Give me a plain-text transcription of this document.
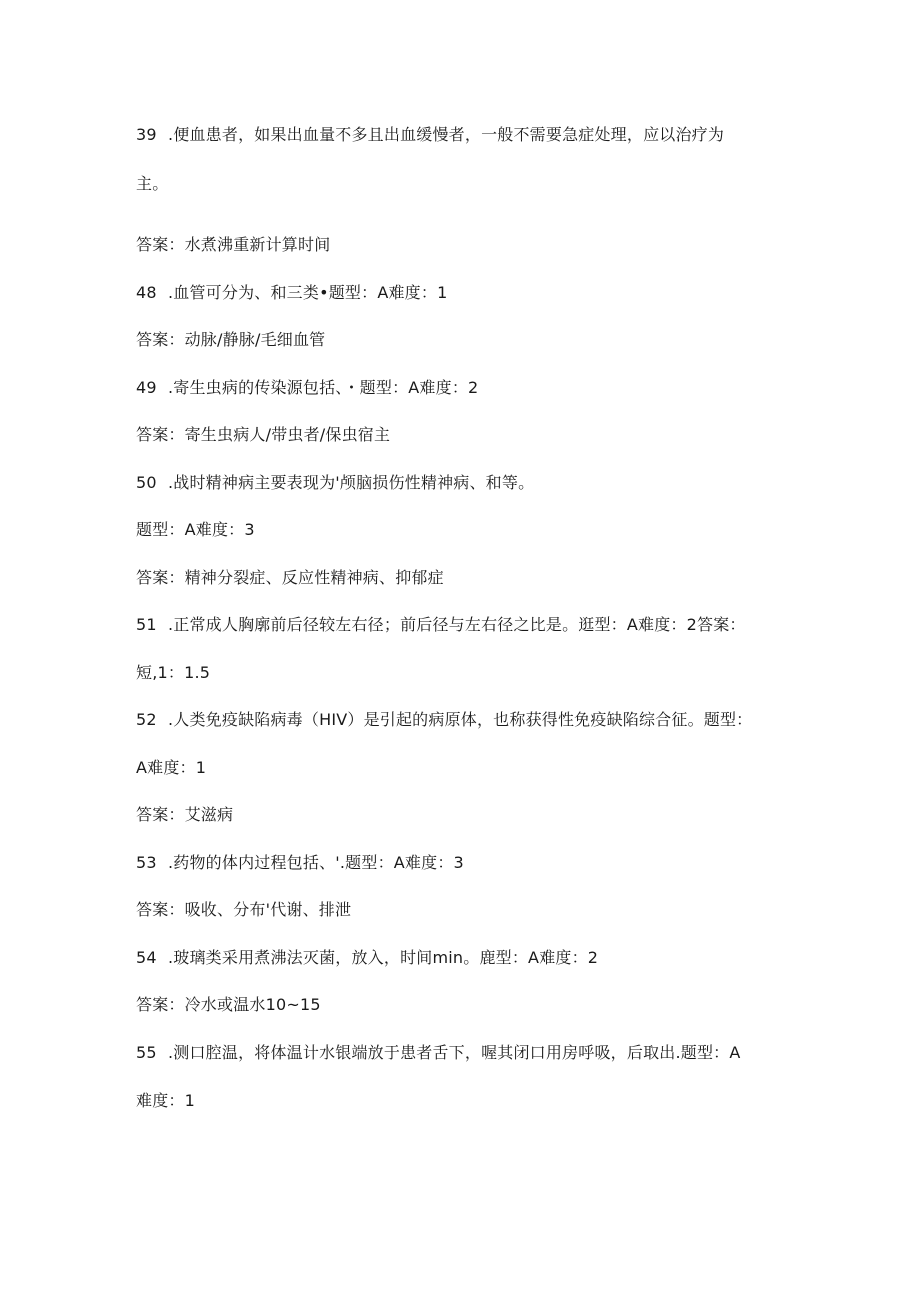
39 .便血患者，如果出血量不多且出血缓慢者，一般不需要急症处理，应以治疗为
主。
答案：水煮沸重新计算时间
48 .血管可分为、和三类•题型：A难度：1
答案：动脉/静脉/毛细血管
49 .寄生虫病的传染源包括、・题型：A难度：2
答案：寄生虫病人/带虫者/保虫宿主
50 .战时精神病主要表现为'颅脑损伤性精神病、和等。
题型：A难度：3
答案：精神分裂症、反应性精神病、抑郁症
51 .正常成人胸廓前后径较左右径；前后径与左右径之比是。逛型：A难度：2答案：
短,1：1.5
52 .人类免疫缺陷病毒（HIV）是引起的病原体，也称获得性免疫缺陷综合征。题型：
A难度：1
答案：艾滋病
53 .药物的体内过程包括、'.题型：A难度：3
答案：吸收、分布'代谢、排泄
54 .玻璃类采用煮沸法灭菌，放入，时间min。鹿型：A难度：2
答案：冷水或温水10~15
55 .测口腔温，将体温计水银端放于患者舌下，喔其闭口用房呼吸，后取出.题型：A
难度：1
